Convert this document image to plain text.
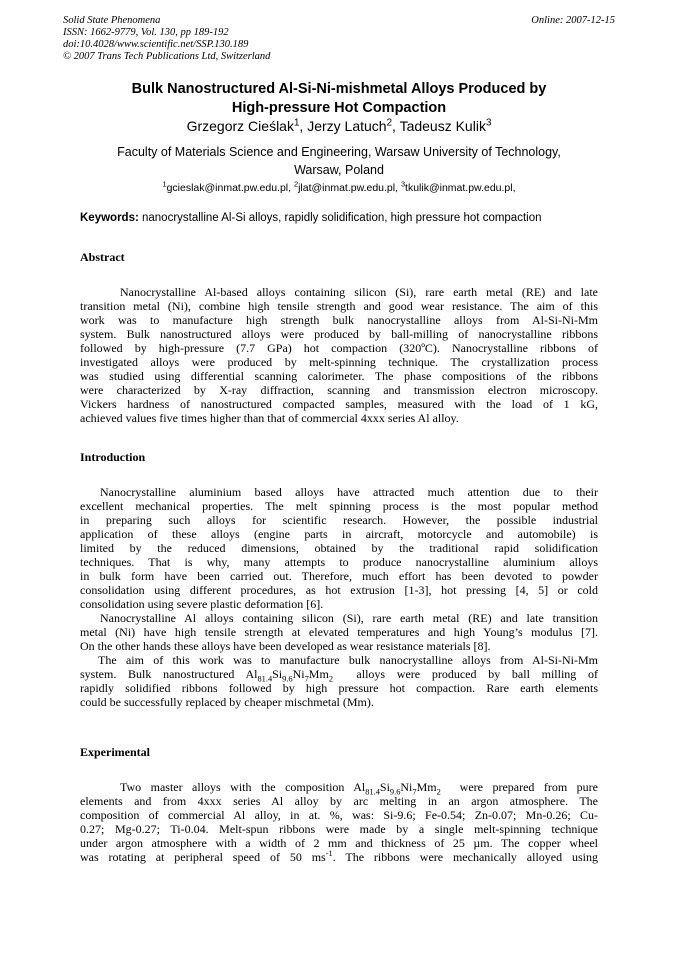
Solid State Phenomena
ISSN: 1662-9779, Vol. 130, pp 189-192
doi:10.4028/www.scientific.net/SSP.130.189
© 2007 Trans Tech Publications Ltd, Switzerland
Online: 2007-12-15
Bulk Nanostructured Al-Si-Ni-mishmetal Alloys Produced by
High-pressure Hot Compaction
Grzegorz Cieślak$^1$, Jerzy Latuch$^2$, Tadeusz Kulik$^3$
Faculty of Materials Science and Engineering, Warsaw University of Technology,
Warsaw, Poland
$^1$gcieslak@inmat.pw.edu.pl, $^2$jlat@inmat.pw.edu.pl, $^3$tkulik@inmat.pw.edu.pl,
Keywords: nanocrystalline Al-Si alloys, rapidly solidification, high pressure hot compaction
Abstract
Nanocrystalline Al-based alloys containing silicon (Si), rare earth metal (RE) and late
transition metal (Ni), combine high tensile strength and good wear resistance. The aim of this
work was to manufacture high strength bulk nanocrystalline alloys from Al-Si-Ni-Mm
system. Bulk nanostructured alloys were produced by ball-milling of nanocrystalline ribbons
followed by high-pressure (7.7 GPa) hot compaction (320ºC). Nanocrystalline ribbons of
investigated alloys were produced by melt-spinning technique. The crystallization process
was studied using differential scanning calorimeter. The phase compositions of the ribbons
were characterized by X-ray diffraction, scanning and transmission electron microscopy.
Vickers hardness of nanostructured compacted samples, measured with the load of 1 kG,
achieved values five times higher than that of commercial 4xxx series Al alloy.
Introduction
Nanocrystalline aluminium based alloys have attracted much attention due to their
excellent mechanical properties. The melt spinning process is the most popular method
in preparing such alloys for scientific research. However, the possible industrial
application of these alloys (engine parts in aircraft, motorcycle and automobile) is
limited by the reduced dimensions, obtained by the traditional rapid solidification
techniques. That is why, many attempts to produce nanocrystalline aluminium alloys
in bulk form have been carried out. Therefore, much effort has been devoted to powder
consolidation using different procedures, as hot extrusion [1-3], hot pressing [4, 5] or cold
consolidation using severe plastic deformation [6].
Nanocrystalline Al alloys containing silicon (Si), rare earth metal (RE) and late transition
metal (Ni) have high tensile strength at elevated temperatures and high Young’s modulus [7].
On the other hands these alloys have been developed as wear resistance materials [8].
The aim of this work was to manufacture bulk nanocrystalline alloys from Al-Si-Ni-Mm
system. Bulk nanostructured $Al_{81.4}Si_{9.6}Ni_7Mm_2$  alloys were produced by ball milling of
rapidly solidified ribbons followed by high pressure hot compaction. Rare earth elements
could be successfully replaced by cheaper mischmetal (Mm).
Experimental
Two master alloys with the composition $Al_{81.4}Si_{9.6}Ni_7Mm_2$  were prepared from pure
elements and from 4xxx series Al alloy by arc melting in an argon atmosphere. The
composition of commercial Al alloy, in at. %, was: Si-9.6; Fe-0.54; Zn-0.07; Mn-0.26; Cu-
0.27; Mg-0.27; Ti-0.04. Melt-spun ribbons were made by a single melt-spinning technique
under argon atmosphere with a width of 2 mm and thickness of 25 µm. The copper wheel
was rotating at peripheral speed of 50 $ms^{-1}$. The ribbons were mechanically alloyed using
